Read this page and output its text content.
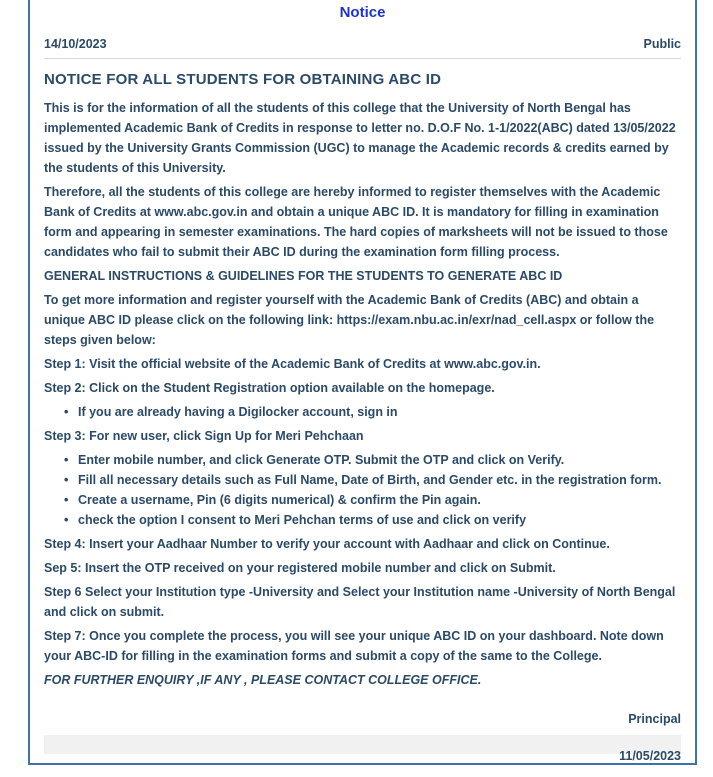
Notice
14/10/2023	Public
NOTICE FOR ALL STUDENTS FOR OBTAINING ABC ID

This is for the information of all the students of this college that the University of North Bengal has implemented Academic Bank of Credits in response to letter no. D.O.F No. 1-1/2022(ABC) dated 13/05/2022 issued by the University Grants Commission (UGC) to manage the Academic records & credits earned by the students of this University.

Therefore, all the students of this college are hereby informed to register themselves with the Academic Bank of Credits at www.abc.gov.in and obtain a unique ABC ID. It is mandatory for filling in examination form and appearing in semester examinations. The hard copies of marksheets will not be issued to those candidates who fail to submit their ABC ID during the examination form filling process.

GENERAL INSTRUCTIONS & GUIDELINES FOR THE STUDENTS TO GENERATE ABC ID

To get more information and register yourself with the Academic Bank of Credits (ABC) and obtain a unique ABC ID please click on the following link: https://exam.nbu.ac.in/exr/nad_cell.aspx or follow the steps given below:

Step 1: Visit the official website of the Academic Bank of Credits at www.abc.gov.in.

Step 2: Click on the Student Registration option available on the homepage.

• If you are already having a Digilocker account, sign in

Step 3: For new user, click Sign Up for Meri Pehchaan

• Enter mobile number, and click Generate OTP. Submit the OTP and click on Verify.
• Fill all necessary details such as Full Name, Date of Birth, and Gender etc. in the registration form.
• Create a username, Pin (6 digits numerical) & confirm the Pin again.
• check the option I consent to Meri Pehchan terms of use and click on verify

Step 4: Insert your Aadhaar Number to verify your account with Aadhaar and click on Continue.

Sep 5: Insert the OTP received on your registered mobile number and click on Submit.

Step 6 Select your Institution type -University and Select your Institution name -University of North Bengal and click on submit.

Step 7: Once you complete the process, you will see your unique ABC ID on your dashboard. Note down your ABC-ID for filling in the examination forms and submit a copy of the same to the College.

FOR FURTHER ENQUIRY ,IF ANY , PLEASE CONTACT COLLEGE OFFICE.

Principal
11/05/2023
